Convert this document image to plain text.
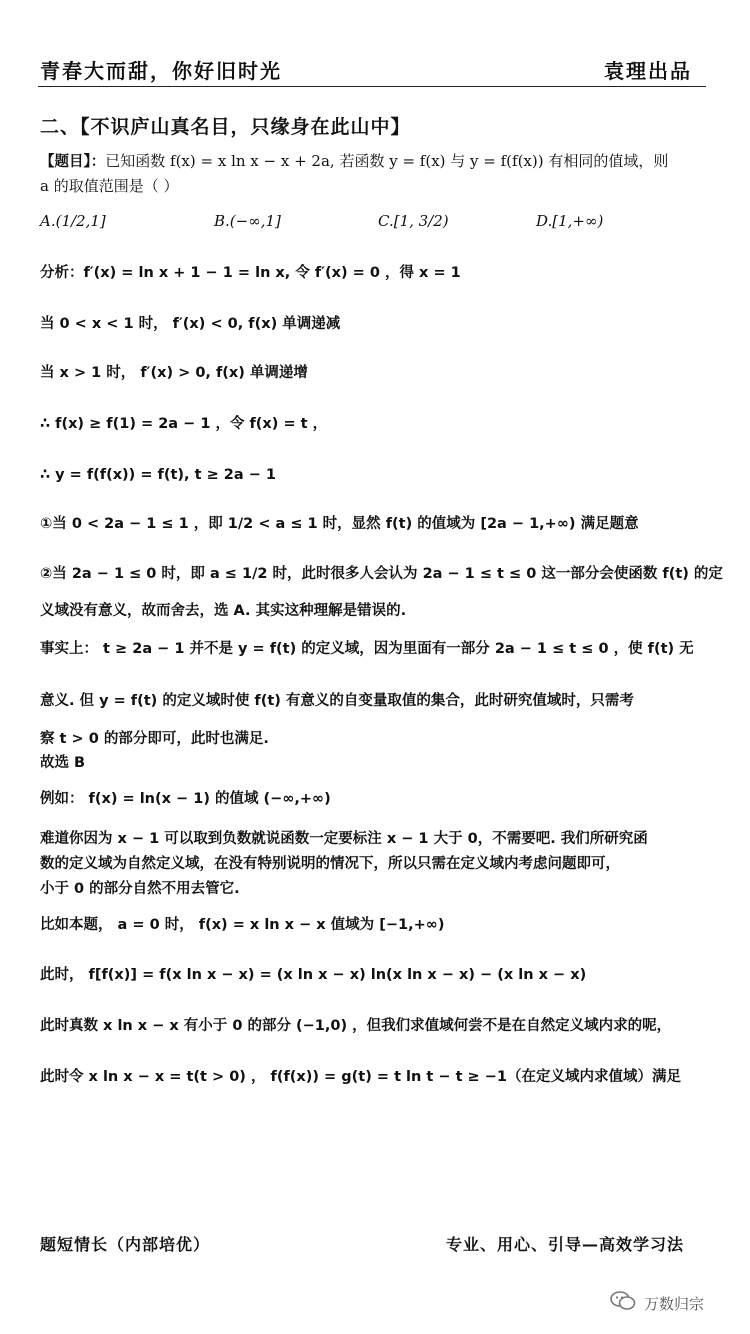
青春大而甜，你好旧时光	袁理出品
二、【不识庐山真名目，只缘身在此山中】
【题目】：已知函数 f(x) = x ln x − x + 2a, 若函数 y = f(x) 与 y = f(f(x)) 有相同的值域，则
a 的取值范围是（ ）
A.(1/2,1]	B.(−∞,1]	C.[1, 3/2)	D.[1,+∞)
分析：f′(x) = ln x + 1 − 1 = ln x, 令 f′(x) = 0 ，得 x = 1
当 0 < x < 1 时， f′(x) < 0, f(x) 单调递减
当 x > 1 时， f′(x) > 0, f(x) 单调递增
∴ f(x) ≥ f(1) = 2a − 1 ，令 f(x) = t ，
∴ y = f(f(x)) = f(t), t ≥ 2a − 1
①当 0 < 2a − 1 ≤ 1 ，即 1/2 < a ≤ 1 时，显然 f(t) 的值域为 [2a − 1,+∞) 满足题意
②当 2a − 1 ≤ 0 时，即 a ≤ 1/2 时，此时很多人会认为 2a − 1 ≤ t ≤ 0 这一部分会使函数 f(t) 的定
义域没有意义，故而舍去，选 A. 其实这种理解是错误的.
事实上： t ≥ 2a − 1 并不是 y = f(t) 的定义域，因为里面有一部分 2a − 1 ≤ t ≤ 0 ，使 f(t) 无
意义. 但 y = f(t) 的定义域时使 f(t) 有意义的自变量取值的集合，此时研究值域时，只需考
察 t > 0 的部分即可，此时也满足.
故选 B
例如： f(x) = ln(x − 1) 的值域 (−∞,+∞)
难道你因为 x − 1 可以取到负数就说函数一定要标注 x − 1 大于 0，不需要吧. 我们所研究函
数的定义域为自然定义域，在没有特别说明的情况下，所以只需在定义域内考虑问题即可，
小于 0 的部分自然不用去管它.
比如本题， a = 0 时， f(x) = x ln x − x 值域为 [−1,+∞)
此时， f[f(x)] = f(x ln x − x) = (x ln x − x) ln(x ln x − x) − (x ln x − x)
此时真数 x ln x − x 有小于 0 的部分 (−1,0) ，但我们求值域何尝不是在自然定义域内求的呢，
此时令 x ln x − x = t(t > 0) ， f(f(x)) = g(t) = t ln t − t ≥ −1（在定义域内求值域）满足
题短情长（内部培优）	专业、用心、引导—高效学习法
万数归宗
